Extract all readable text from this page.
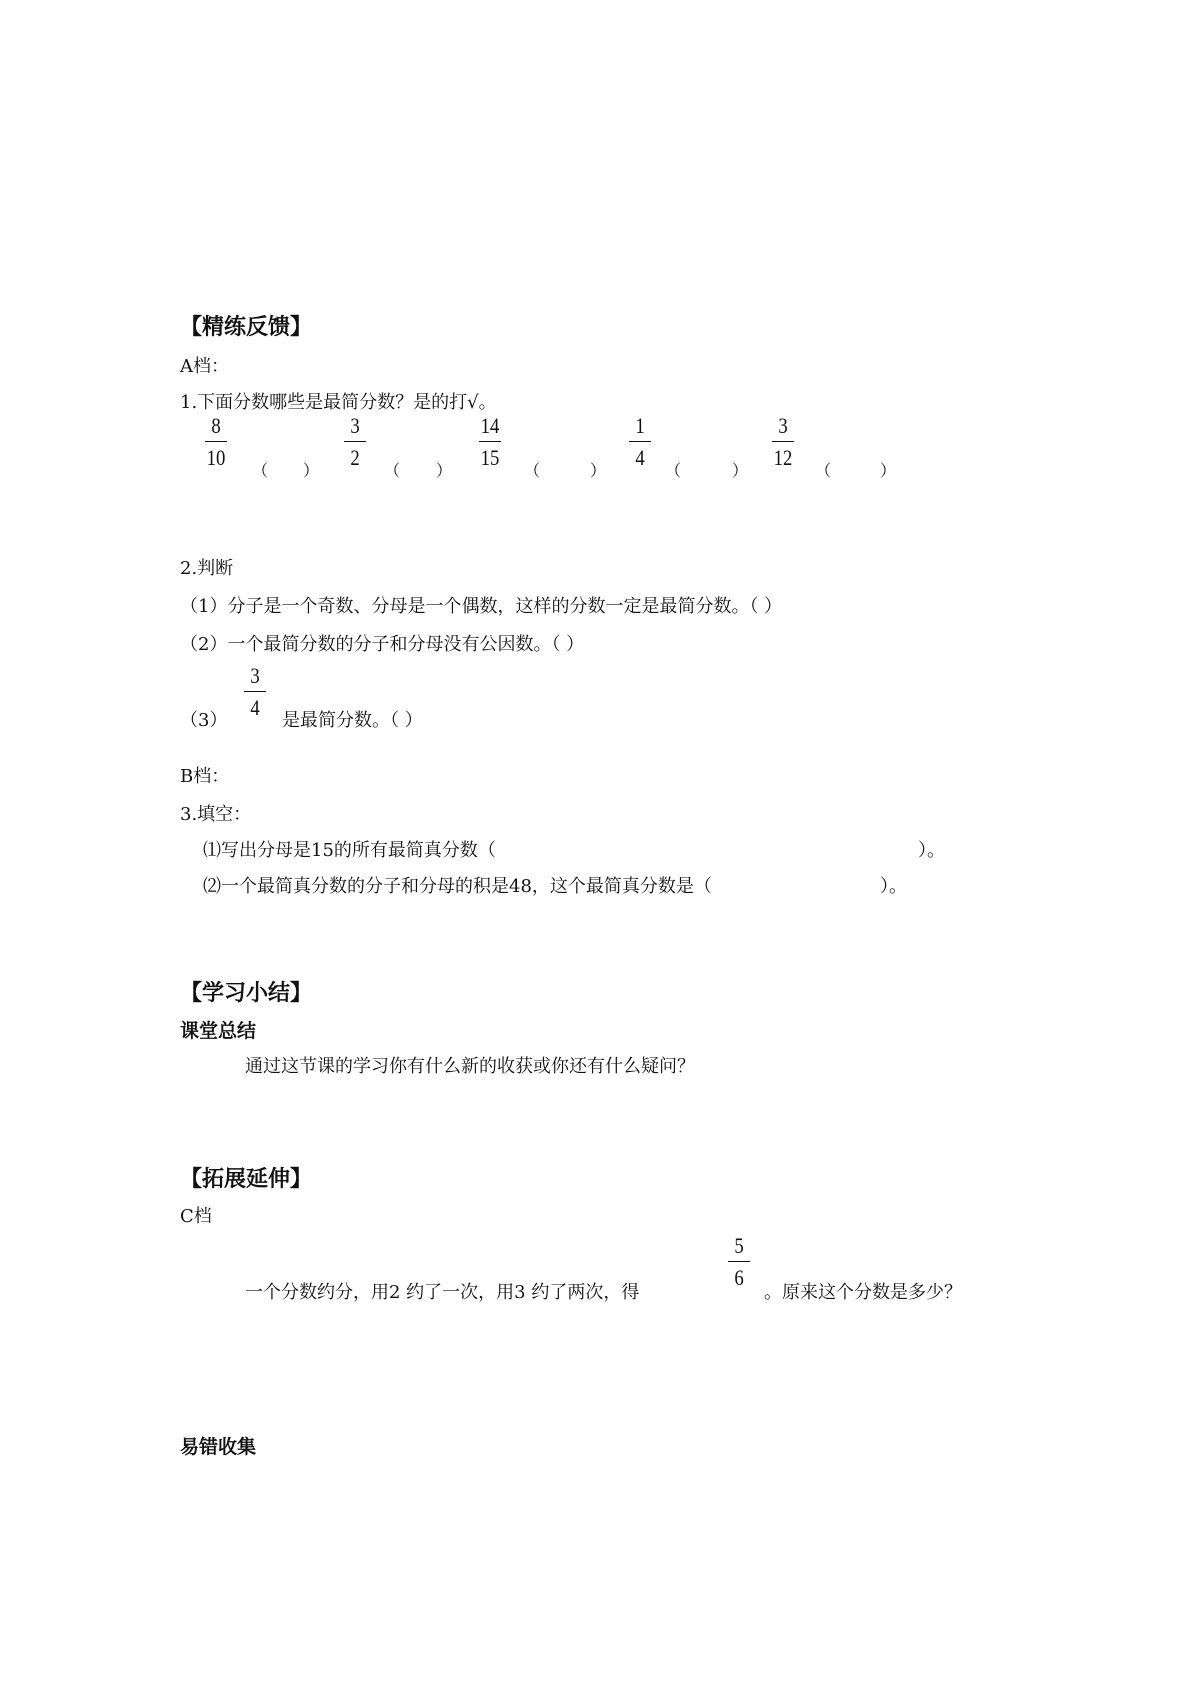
【精练反馈】
A档：
1.下面分数哪些是最简分数？是的打√。
8
10
（ ）
3
2
（ ）
14
15
（	）
1
4
（	）
3
12
（	）
2.判断
（1）分子是一个奇数、分母是一个偶数，这样的分数一定是最简分数。（ ）
（2）一个最简分数的分子和分母没有公因数。（ ）
（3）
3
4
是最简分数。（ ）
B档：
3.填空：
⑴写出分母是15的所有最简真分数（	）。
⑵一个最简真分数的分子和分母的积是48，这个最简真分数是（	）。
【学习小结】
课堂总结
通过这节课的学习你有什么新的收获或你还有什么疑问？
【拓展延伸】
C档
一个分数约分，用2 约了一次，用3 约了两次，得
5
6
。原来这个分数是多少？
易错收集
